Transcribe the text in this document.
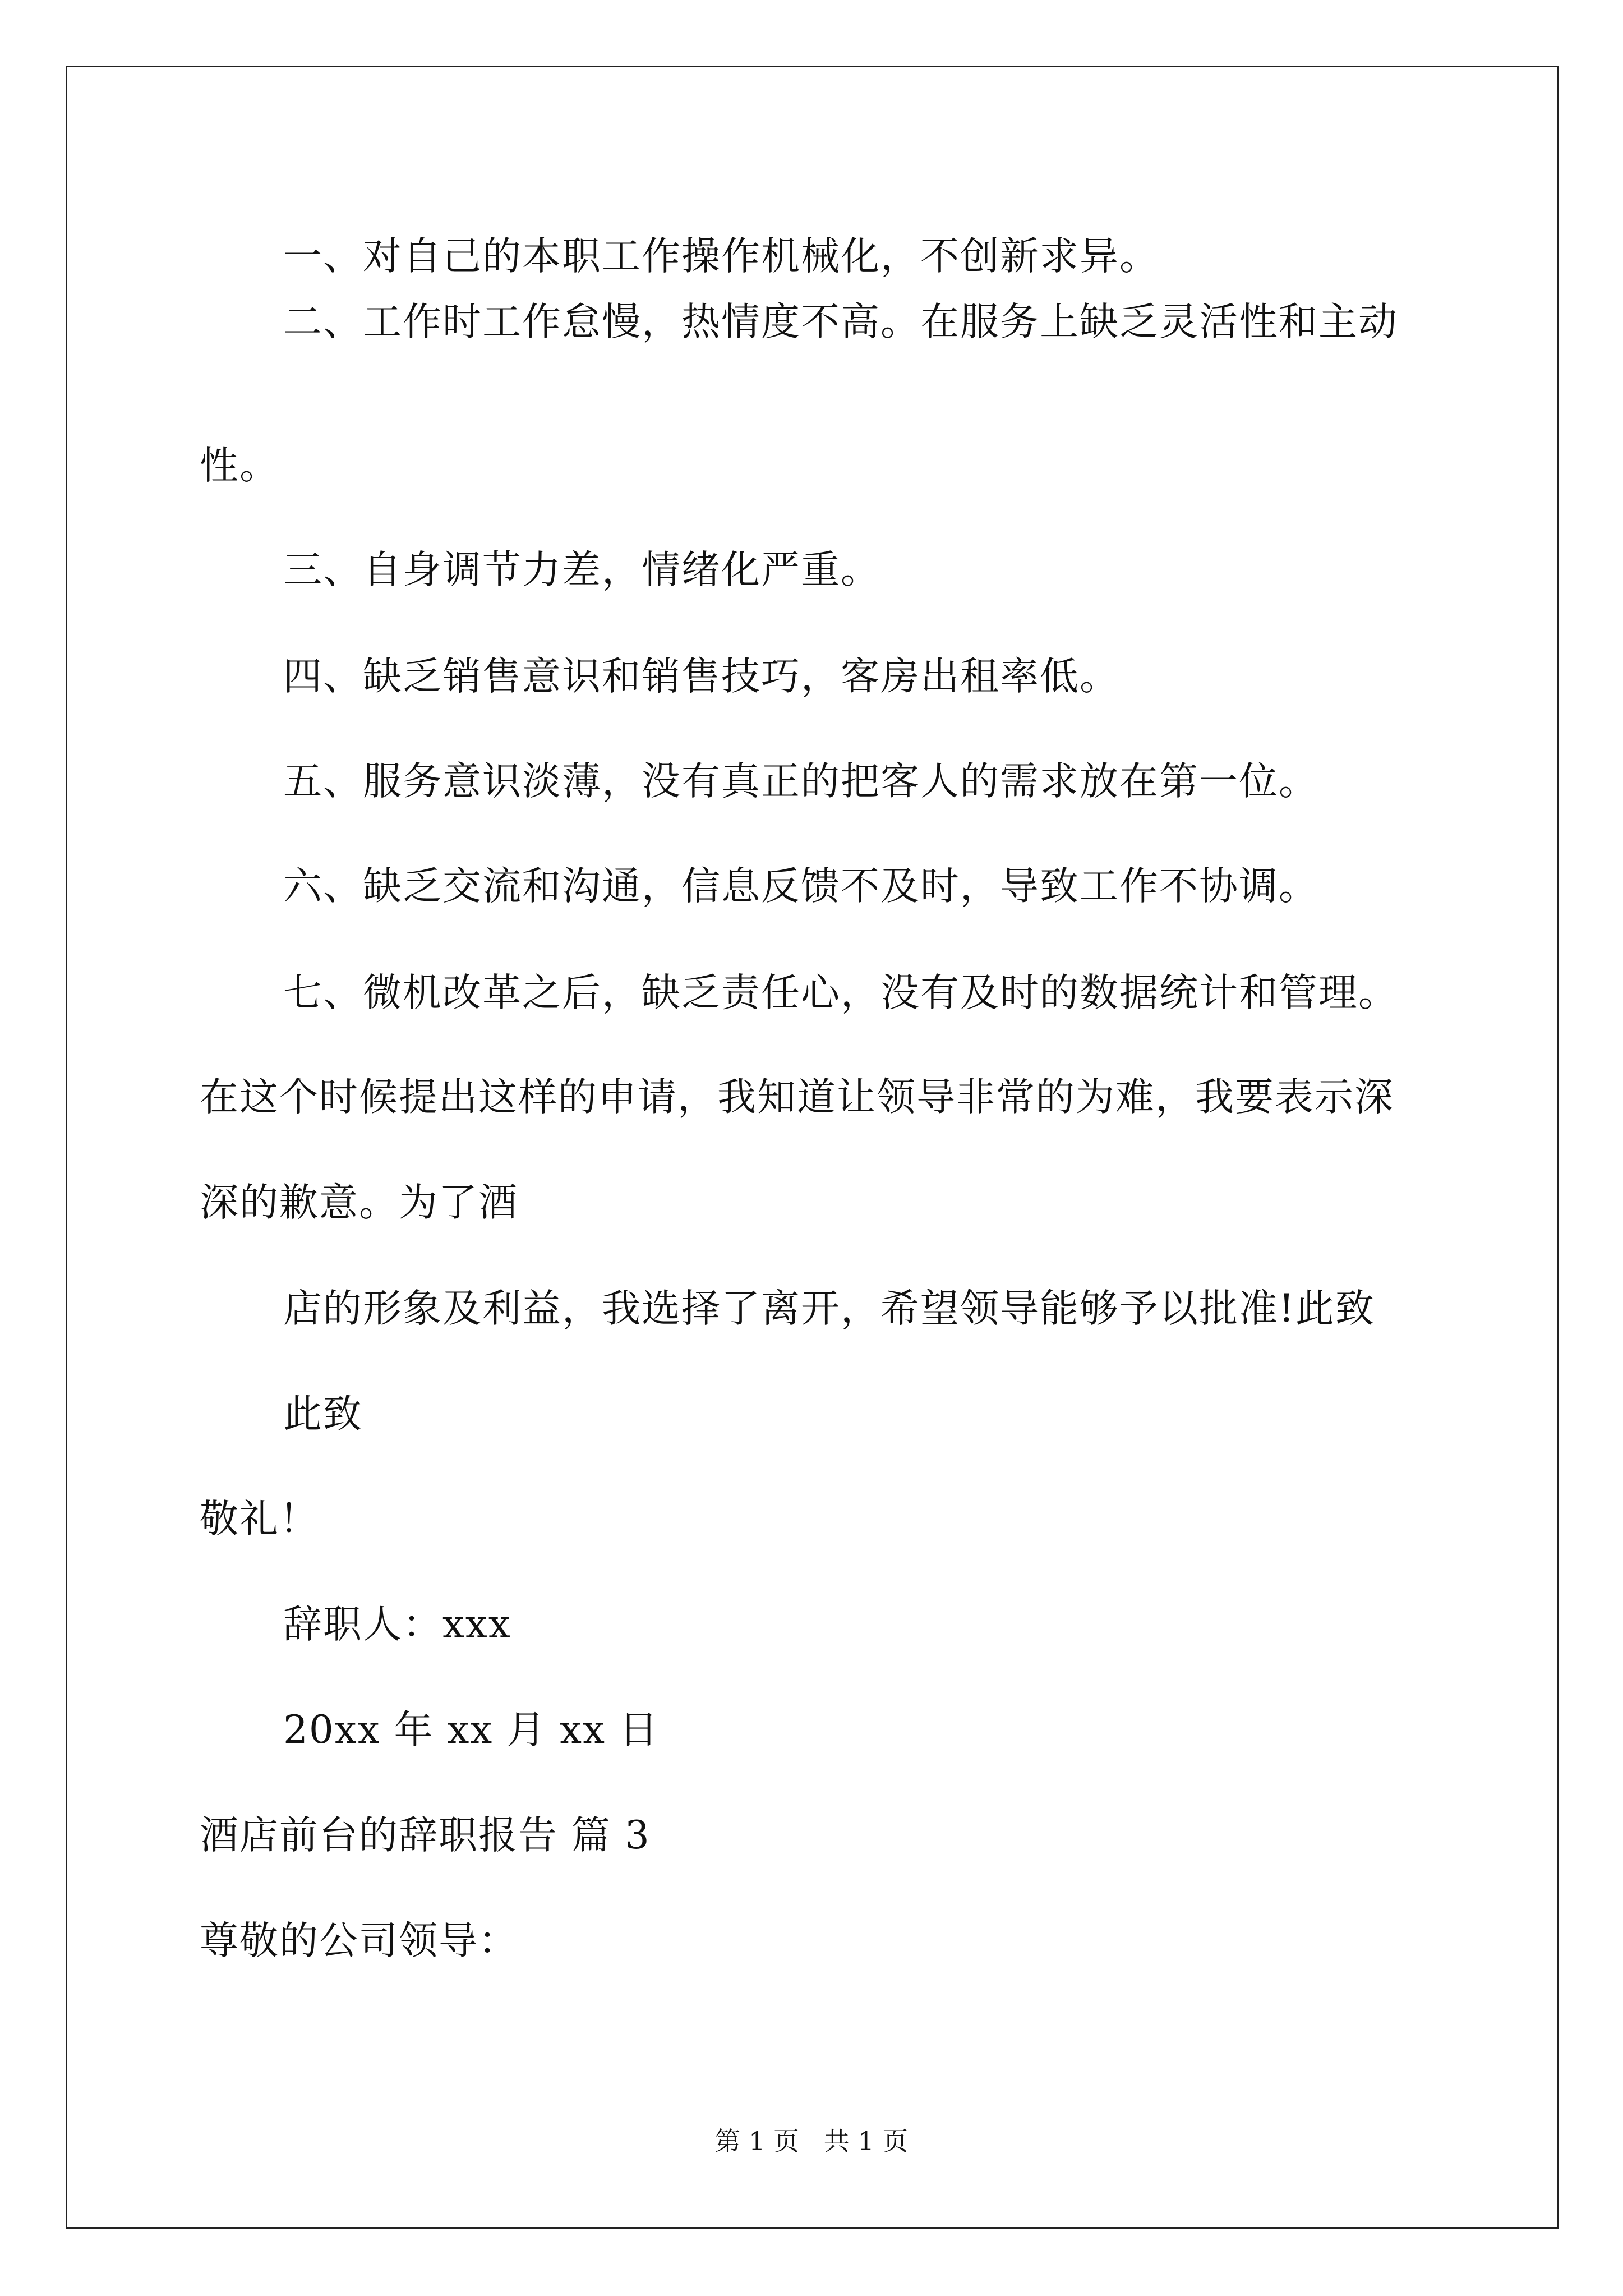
一、对自己的本职工作操作机械化，不创新求异。
二、工作时工作怠慢，热情度不高。在服务上缺乏灵活性和主动
性。
三、自身调节力差，情绪化严重。
四、缺乏销售意识和销售技巧，客房出租率低。
五、服务意识淡薄，没有真正的把客人的需求放在第一位。
六、缺乏交流和沟通，信息反馈不及时，导致工作不协调。
七、微机改革之后，缺乏责任心，没有及时的数据统计和管理。
在这个时候提出这样的申请，我知道让领导非常的为难，我要表示深
深的歉意。为了酒
店的形象及利益，我选择了离开，希望领导能够予以批准!此致
此致
敬礼！
辞职人：xxx
20xx 年 xx 月 xx 日
酒店前台的辞职报告 篇 3
尊敬的公司领导：
第 1 页   共 1 页
